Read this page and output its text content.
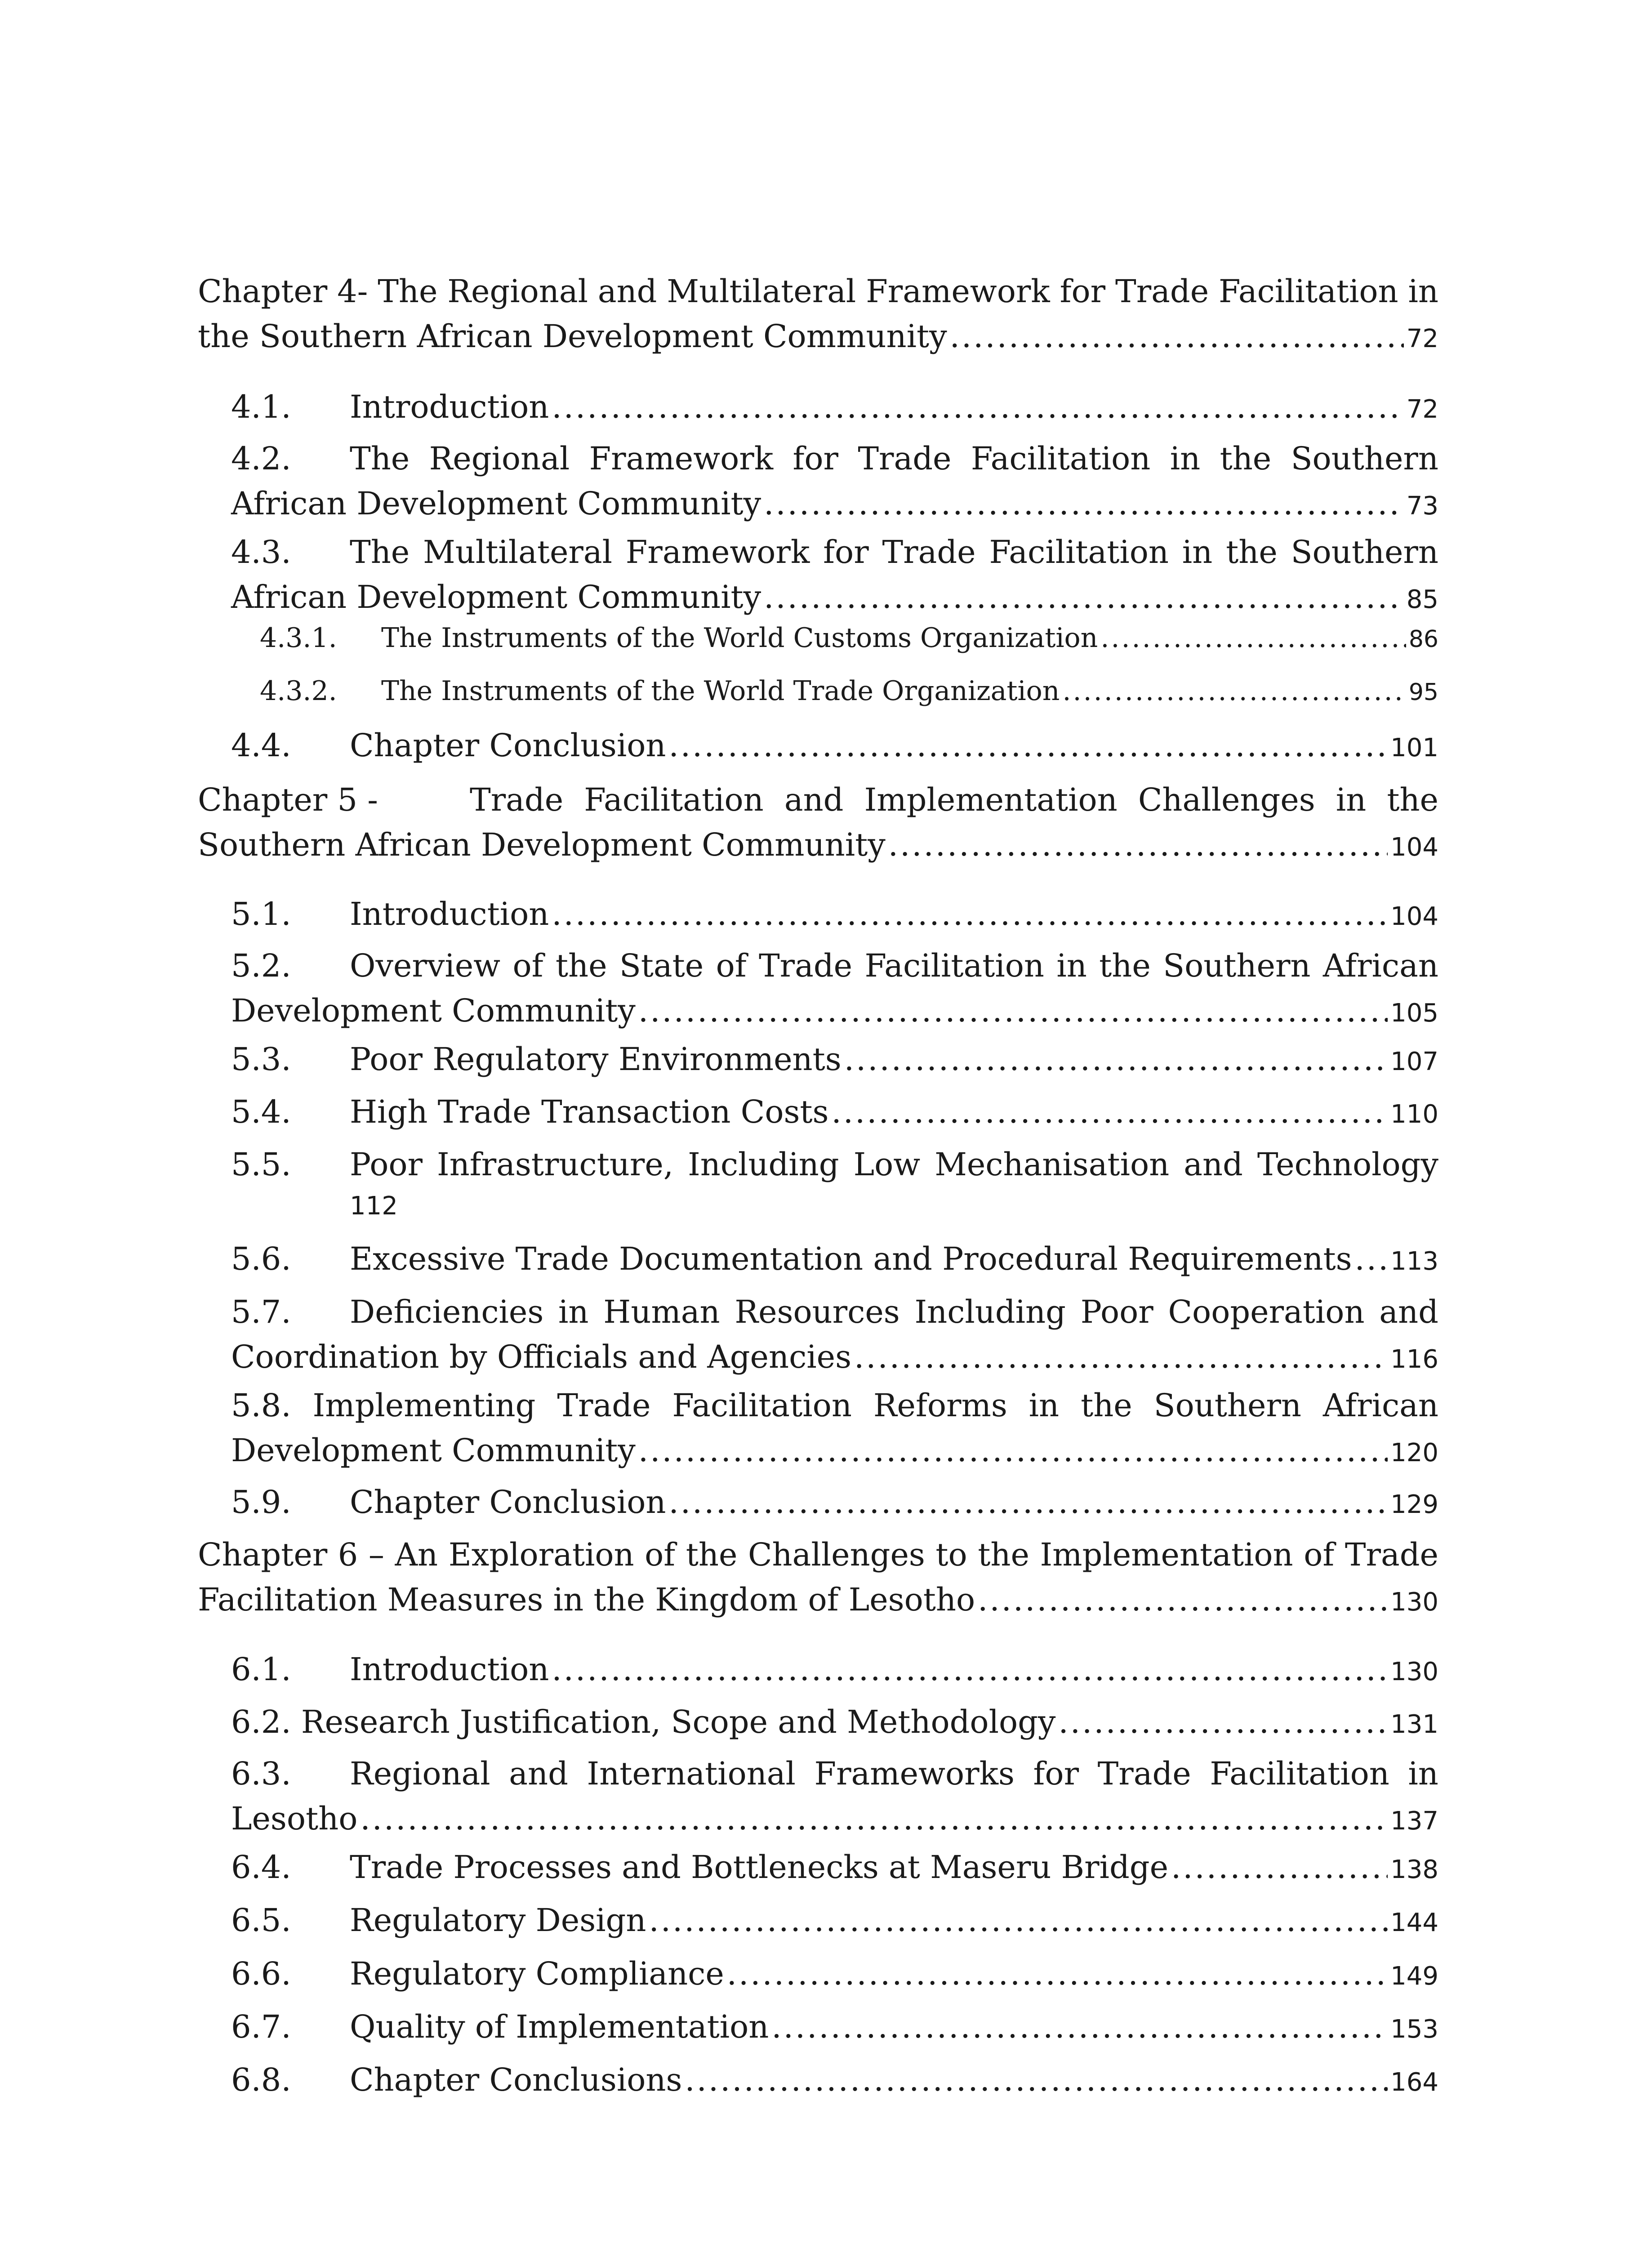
Chapter 4- The Regional and Multilateral Framework for Trade Facilitation in
the Southern African Development Community .....	72
4.1. Introduction .....	72
4.2. The Regional Framework for Trade Facilitation in the Southern
African Development Community .....	73
4.3. The Multilateral Framework for Trade Facilitation in the Southern
African Development Community .....	85
4.3.1. The Instruments of the World Customs Organization .....	86
4.3.2. The Instruments of the World Trade Organization .....	95
4.4. Chapter Conclusion .....	101
Chapter 5 -	Trade Facilitation and Implementation Challenges in the
Southern African Development Community .....	104
5.1. Introduction .....	104
5.2. Overview of the State of Trade Facilitation in the Southern African
Development Community .....	105
5.3. Poor Regulatory Environments .....	107
5.4. High Trade Transaction Costs .....	110
5.5. Poor Infrastructure, Including Low Mechanisation and Technology
112
5.6. Excessive Trade Documentation and Procedural Requirements ..... 113
5.7. Deficiencies in Human Resources Including Poor Cooperation and
Coordination by Officials and Agencies .....	116
5.8. Implementing Trade Facilitation Reforms in the Southern African
Development Community .....	120
5.9. Chapter Conclusion .....	129
Chapter 6 – An Exploration of the Challenges to the Implementation of Trade
Facilitation Measures in the Kingdom of Lesotho .....	130
6.1. Introduction .....	130
6.2. Research Justification, Scope and Methodology .....	131
6.3. Regional and International Frameworks for Trade Facilitation in
Lesotho .....	137
6.4. Trade Processes and Bottlenecks at Maseru Bridge .....	138
6.5. Regulatory Design .....	144
6.6. Regulatory Compliance .....	149
6.7. Quality of Implementation .....	153
6.8. Chapter Conclusions .....	164
